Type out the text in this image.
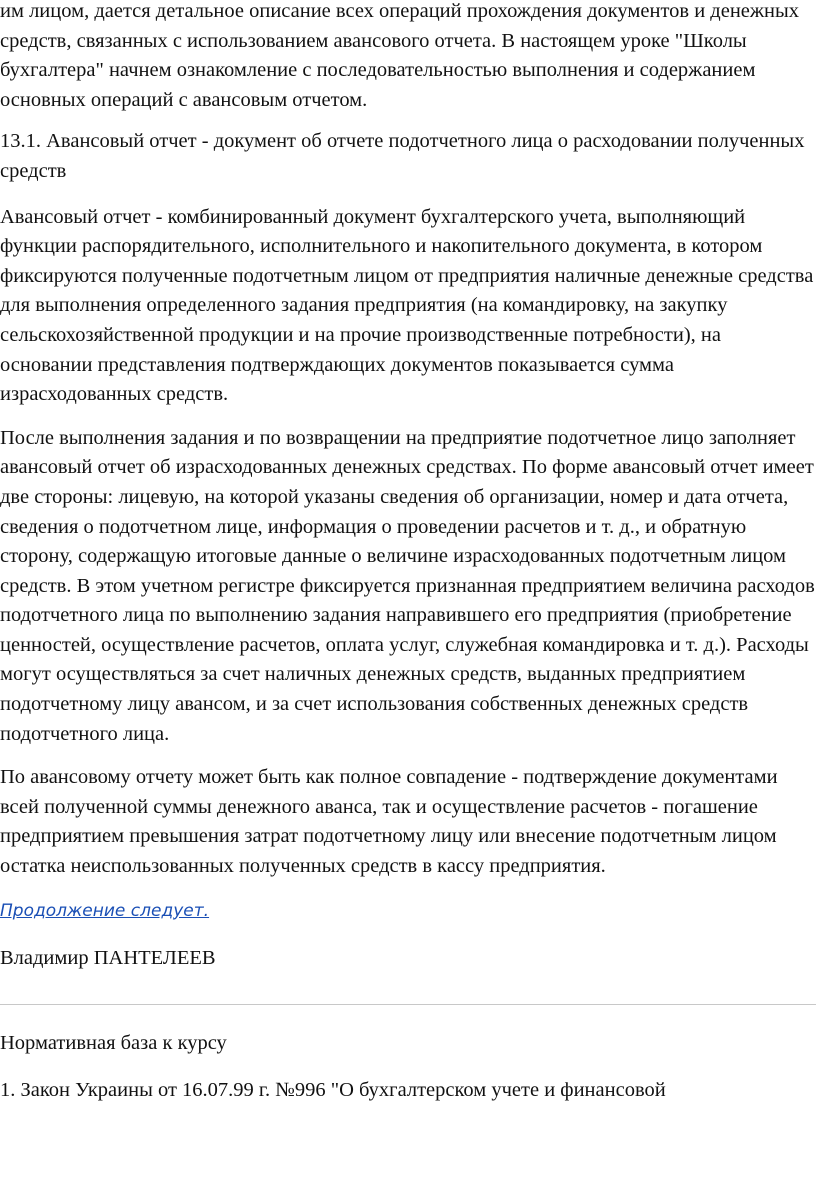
им лицом, дается детальное описание всех операций прохождения документов и денежных средств, связанных с использованием авансового отчета. В настоящем уроке "Школы бухгалтера" начнем ознакомление с последовательностью выполнения и содержанием основных операций с авансовым отчетом.

13.1. Авансовый отчет - документ об отчете подотчетного лица о расходовании полученных средств

Авансовый отчет - комбинированный документ бухгалтерского учета, выполняющий функции распорядительного, исполнительного и накопительного документа, в котором фиксируются полученные подотчетным лицом от предприятия наличные денежные средства для выполнения определенного задания предприятия (на командировку, на закупку сельскохозяйственной продукции и на прочие производственные потребности), на основании представления подтверждающих документов показывается сумма израсходованных средств.

После выполнения задания и по возвращении на предприятие подотчетное лицо заполняет авансовый отчет об израсходованных денежных средствах. По форме авансовый отчет имеет две стороны: лицевую, на которой указаны сведения об организации, номер и дата отчета, сведения о подотчетном лице, информация о проведении расчетов и т. д., и обратную сторону, содержащую итоговые данные о величине израсходованных подотчетным лицом средств. В этом учетном регистре фиксируется признанная предприятием величина расходов подотчетного лица по выполнению задания направившего его предприятия (приобретение ценностей, осуществление расчетов, оплата услуг, служебная командировка и т. д.). Расходы могут осуществляться за счет наличных денежных средств, выданных предприятием подотчетному лицу авансом, и за счет использования собственных денежных средств подотчетного лица.

По авансовому отчету может быть как полное совпадение - подтверждение документами всей полученной суммы денежного аванса, так и осуществление расчетов - погашение предприятием превышения затрат подотчетному лицу или внесение подотчетным лицом остатка неиспользованных полученных средств в кассу предприятия.

Продолжение следует.

Владимир ПАНТЕЛЕЕВ

Нормативная база к курсу

1. Закон Украины от 16.07.99 г. №996 "О бухгалтерском учете и финансовой
